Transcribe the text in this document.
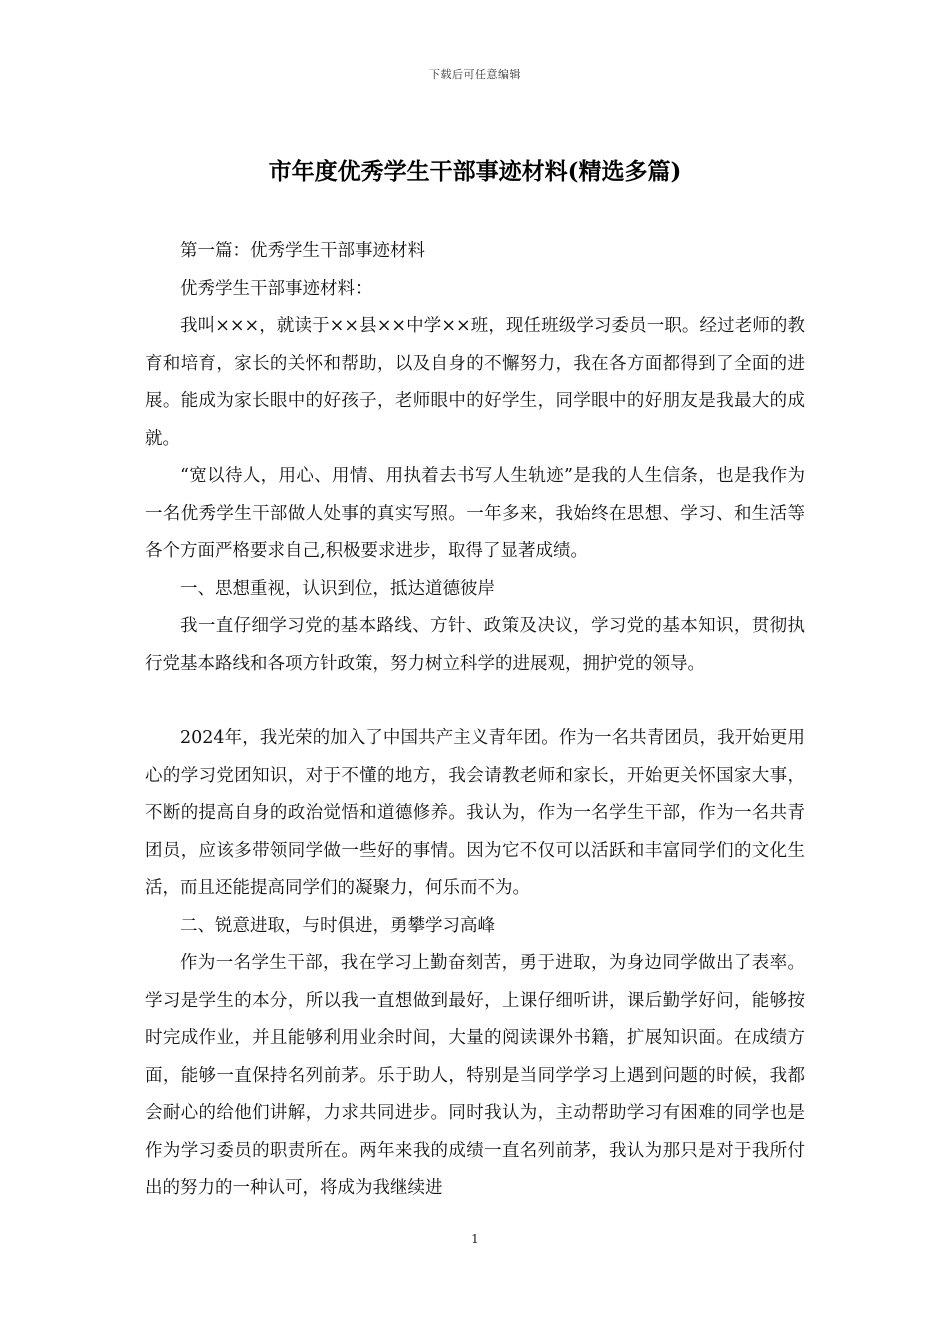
下载后可任意编辑
市年度优秀学生干部事迹材料(精选多篇)

第一篇：优秀学生干部事迹材料

优秀学生干部事迹材料：

我叫×××，就读于××县××中学××班，现任班级学习委员一职。经过老师的教育和培育，家长的关怀和帮助，以及自身的不懈努力，我在各方面都得到了全面的进展。能成为家长眼中的好孩子，老师眼中的好学生，同学眼中的好朋友是我最大的成就。

“宽以待人，用心、用情、用执着去书写人生轨迹”是我的人生信条，也是我作为一名优秀学生干部做人处事的真实写照。一年多来，我始终在思想、学习、和生活等各个方面严格要求自己,积极要求进步，取得了显著成绩。

一、思想重视，认识到位，抵达道德彼岸

我一直仔细学习党的基本路线、方针、政策及决议，学习党的基本知识，贯彻执行党基本路线和各项方针政策，努力树立科学的进展观，拥护党的领导。

2024年，我光荣的加入了中国共产主义青年团。作为一名共青团员，我开始更用心的学习党团知识，对于不懂的地方，我会请教老师和家长，开始更关怀国家大事，不断的提高自身的政治觉悟和道德修养。我认为，作为一名学生干部，作为一名共青团员，应该多带领同学做一些好的事情。因为它不仅可以活跃和丰富同学们的文化生活，而且还能提高同学们的凝聚力，何乐而不为。

二、锐意进取，与时俱进，勇攀学习高峰

作为一名学生干部，我在学习上勤奋刻苦，勇于进取，为身边同学做出了表率。学习是学生的本分，所以我一直想做到最好，上课仔细听讲，课后勤学好问，能够按时完成作业，并且能够利用业余时间，大量的阅读课外书籍，扩展知识面。在成绩方面，能够一直保持名列前茅。乐于助人，特别是当同学学习上遇到问题的时候，我都会耐心的给他们讲解，力求共同进步。同时我认为，主动帮助学习有困难的同学也是作为学习委员的职责所在。两年来我的成绩一直名列前茅，我认为那只是对于我所付出的努力的一种认可，将成为我继续进

1
